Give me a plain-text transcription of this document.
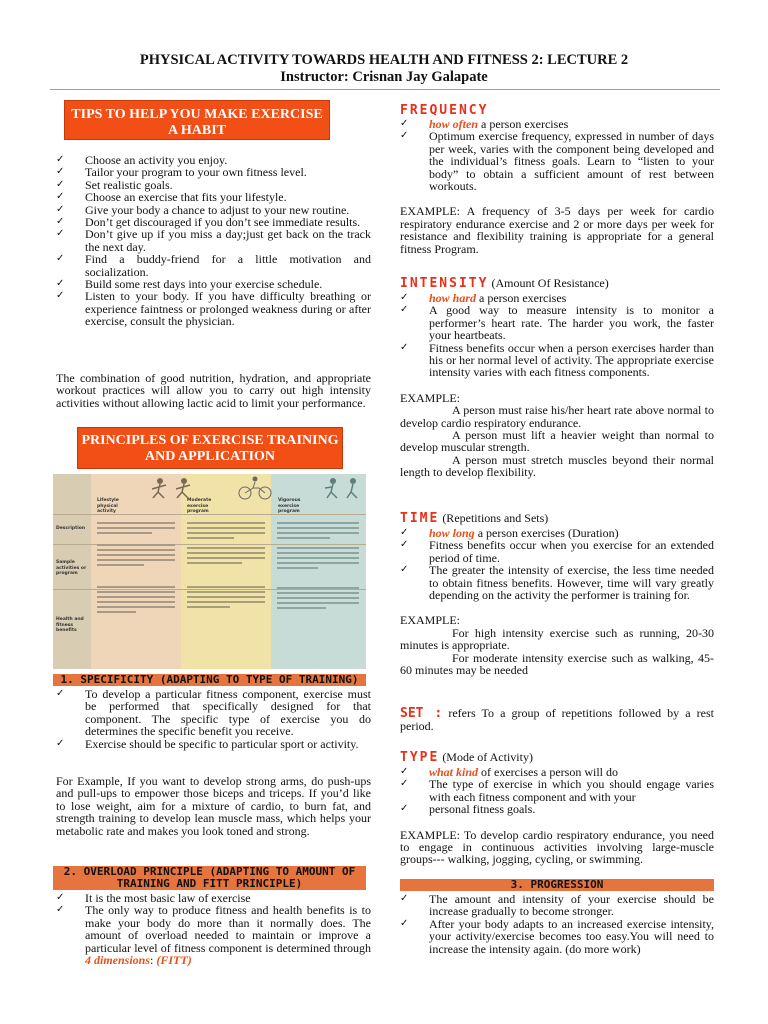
PHYSICAL ACTIVITY TOWARDS HEALTH AND FITNESS 2: LECTURE 2
Instructor: Crisnan Jay Galapate
TIPS TO HELP YOU MAKE EXERCISE A HABIT
✓ Choose an activity you enjoy.
✓ Tailor your program to your own fitness level.
✓ Set realistic goals.
✓ Choose an exercise that fits your lifestyle.
✓ Give your body a chance to adjust to your new routine.
✓ Don’t get discouraged if you don’t see immediate results.
✓ Don’t give up if you miss a day;just get back on the track the next day.
✓ Find a buddy-friend for a little motivation and socialization.
✓ Build some rest days into your exercise schedule.
✓ Listen to your body. If you have difficulty breathing or experience faintness or prolonged weakness during or after exercise, consult the physician.

The combination of good nutrition, hydration, and appropriate workout practices will allow you to carry out high intensity activities without allowing lactic acid to limit your performance.

PRINCIPLES OF EXERCISE TRAINING AND APPLICATION
Lifestyle physical activity
Moderate exercise program
Vigorous exercise program
Description
Sample activities or program
Health and fitness benefits
1. SPECIFICITY (ADAPTING TO TYPE OF TRAINING)
✓ To develop a particular fitness component, exercise must be performed that specifically designed for that component. The specific type of exercise you do determines the specific benefit you receive.
✓ Exercise should be specific to particular sport or activity.

For Example, If you want to develop strong arms, do push-ups and pull-ups to empower those biceps and triceps. If you’d like to lose weight, aim for a mixture of cardio, to burn fat, and strength training to develop lean muscle mass, which helps your metabolic rate and makes you look toned and strong.

2. OVERLOAD PRINCIPLE (ADAPTING TO AMOUNT OF TRAINING AND FITT PRINCIPLE)
✓ It is the most basic law of exercise
✓ The only way to produce fitness and health benefits is to make your body do more than it normally does. The amount of overload needed to maintain or improve a particular level of fitness component is determined through 4 dimensions: (FITT)
FREQUENCY
✓ how often a person exercises
✓ Optimum exercise frequency, expressed in number of days per week, varies with the component being developed and the individual’s fitness goals. Learn to “listen to your body” to obtain a sufficient amount of rest between workouts.

EXAMPLE: A frequency of 3-5 days per week for cardio respiratory endurance exercise and 2 or more days per week for resistance and flexibility training is appropriate for a general fitness Program.

INTENSITY (Amount Of Resistance)
✓ how hard a person exercises
✓ A good way to measure intensity is to monitor a performer’s heart rate. The harder you work, the faster your heartbeats.
✓ Fitness benefits occur when a person exercises harder than his or her normal level of activity. The appropriate exercise intensity varies with each fitness components.

EXAMPLE:

A person must raise his/her heart rate above normal to develop cardio respiratory endurance.

A person must lift a heavier weight than normal to develop muscular strength.

A person must stretch muscles beyond their normal length to develop flexibility.

TIME (Repetitions and Sets)
✓ how long a person exercises (Duration)
✓ Fitness benefits occur when you exercise for an extended period of time.
✓ The greater the intensity of exercise, the less time needed to obtain fitness benefits. However, time will vary greatly depending on the activity the performer is training for.

EXAMPLE:

For high intensity exercise such as running, 20-30 minutes is appropriate.

For moderate intensity exercise such as walking, 45-60 minutes may be needed

SET : refers To a group of repetitions followed by a rest period.

TYPE (Mode of Activity)
✓ what kind of exercises a person will do
✓ The type of exercise in which you should engage varies with each fitness component and with your
✓ personal fitness goals.

EXAMPLE: To develop cardio respiratory endurance, you need to engage in continuous activities involving large-muscle groups--- walking, jogging, cycling, or swimming.

3. PROGRESSION
✓ The amount and intensity of your exercise should be increase gradually to become stronger.
✓ After your body adapts to an increased exercise intensity, your activity/exercise becomes too easy.You will need to increase the intensity again. (do more work)
